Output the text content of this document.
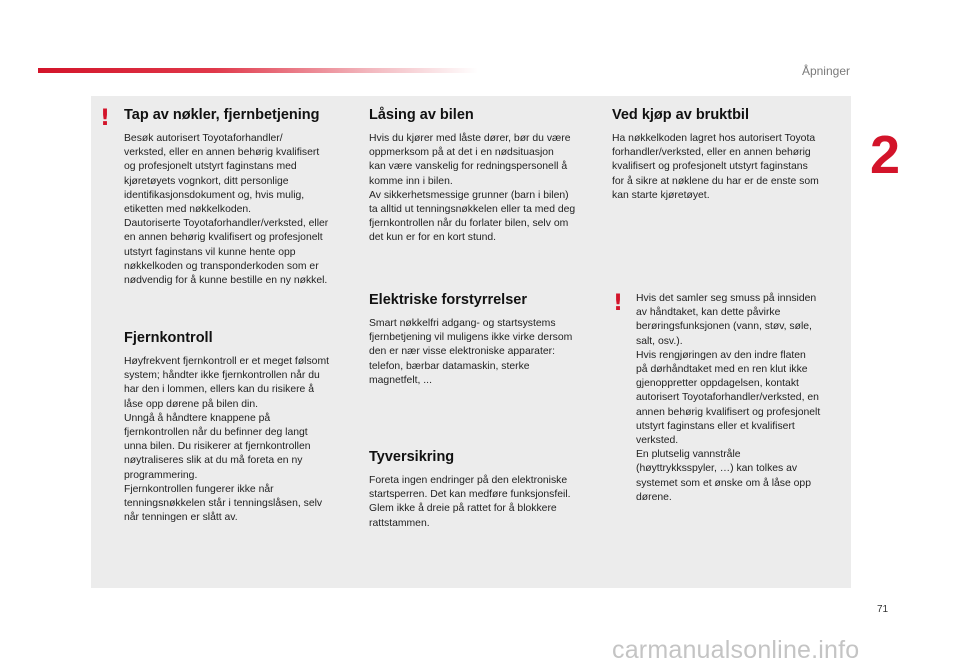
Åpninger
2
! Tap av nøkler, fjernbetjening

Besøk autorisert Toyotaforhandler/
verksted, eller en annen behørig kvalifisert
og profesjonelt utstyrt faginstans med
kjøretøyets vognkort, ditt personlige
identifikasjonsdokument og, hvis mulig,
etiketten med nøkkelkoden.
Dautoriserte Toyotaforhandler/verksted, eller
en annen behørig kvalifisert og profesjonelt
utstyrt faginstans vil kunne hente opp
nøkkelkoden og transponderkoden som er
nødvendig for å kunne bestille en ny nøkkel.

Fjernkontroll

Høyfrekvent fjernkontroll er et meget følsomt
system; håndter ikke fjernkontrollen når du
har den i lommen, ellers kan du risikere å
låse opp dørene på bilen din.
Unngå å håndtere knappene på
fjernkontrollen når du befinner deg langt
unna bilen. Du risikerer at fjernkontrollen
nøytraliseres slik at du må foreta en ny
programmering.
Fjernkontrollen fungerer ikke når
tenningsnøkkelen står i tenningslåsen, selv
når tenningen er slått av.

Låsing av bilen

Hvis du kjører med låste dører, bør du være
oppmerksom på at det i en nødsituasjon
kan være vanskelig for redningspersonell å
komme inn i bilen.
Av sikkerhetsmessige grunner (barn i bilen)
ta alltid ut tenningsnøkkelen eller ta med deg
fjernkontrollen når du forlater bilen, selv om
det kun er for en kort stund.

Elektriske forstyrrelser

Smart nøkkelfri adgang- og startsystems
fjernbetjening vil muligens ikke virke dersom
den er nær visse elektroniske apparater:
telefon, bærbar datamaskin, sterke
magnetfelt, ...

Tyversikring

Foreta ingen endringer på den elektroniske
startsperren. Det kan medføre funksjonsfeil.
Glem ikke å dreie på rattet for å blokkere
rattstammen.

Ved kjøp av bruktbil

Ha nøkkelkoden lagret hos autorisert Toyota
forhandler/verksted, eller en annen behørig
kvalifisert og profesjonelt utstyrt faginstans
for å sikre at nøklene du har er de enste som
kan starte kjøretøyet.

! Hvis det samler seg smuss på innsiden
av håndtaket, kan dette påvirke
berøringsfunksjonen (vann, støv, søle,
salt, osv.).
Hvis rengjøringen av den indre flaten
på dørhåndtaket med en ren klut ikke
gjenoppretter oppdagelsen, kontakt
autorisert Toyotaforhandler/verksted, en
annen behørig kvalifisert og profesjonelt
utstyrt faginstans eller et kvalifisert
verksted.
En plutselig vannstråle
(høyttrykksspyler, …) kan tolkes av
systemet som et ønske om å låse opp
dørene.

71
carmanualsonline.info
